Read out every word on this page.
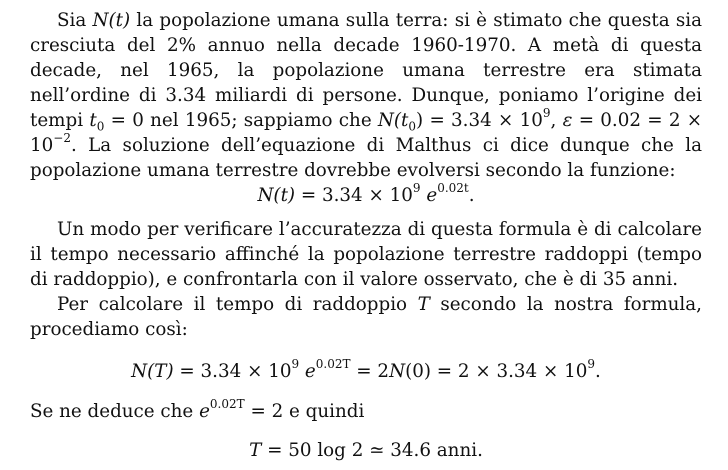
Sia N(t) la popolazione umana sulla terra: si è stimato che questa sia cresciuta del 2% annuo nella decade 1960-1970. A metà di questa decade, nel 1965, la popolazione umana terrestre era stimata nell’ordine di 3.34 miliardi di persone. Dunque, poniamo l’origine dei tempi $t_0 = 0$ nel 1965; sappiamo che $N(t_0) = 3.34 \times 10^9$, $\varepsilon = 0.02 = 2 \times 10^{-2}$. La soluzione dell’equazione di Malthus ci dice dunque che la popolazione umana terrestre dovrebbe evolversi secondo la funzione:

$N(t) = 3.34 \times 10^9$ $e^{0.02t}$.

Un modo per verificare l’accuratezza di questa formula è di calcolare il tempo necessario affinché la popolazione terrestre raddoppi (tempo di raddoppio), e confrontarla con il valore osservato, che è di 35 anni.

Per calcolare il tempo di raddoppio T secondo la nostra formula, procediamo così:

$N(T) = 3.34 \times 10^9$ $e^{0.02T} = 2N(0) = 2 \times 3.34 \times 10^9$.

Se ne deduce che $e^{0.02T} = 2$ e quindi

T = 50 log 2 ≃ 34.6 anni.
